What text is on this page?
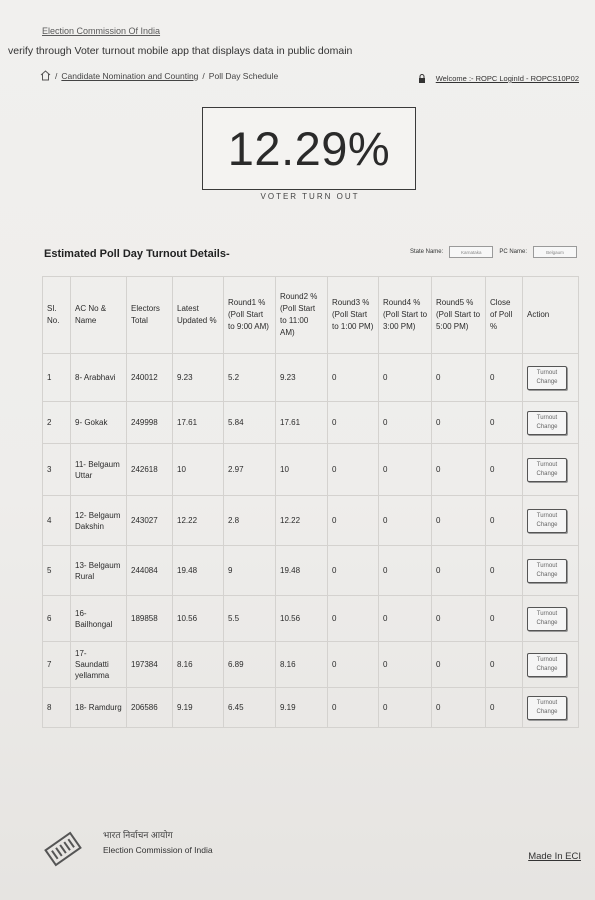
Election Commission Of India
verify through Voter turnout mobile app that displays data in public domain
/ Candidate Nomination and Counting / Poll Day Schedule	Welcome :- ROPC LoginId - ROPCS10P02
12.29%
VOTER TURN OUT
Estimated Poll Day Turnout Details-	State Name:	Karnataka	PC Name:	Belgaum
SI. No.	AC No & Name	Electors Total	Latest Updated %	Round1 % (Poll Start to 9:00 AM)	Round2 % (Poll Start to 11:00 AM)	Round3 % (Poll Start to 1:00 PM)	Round4 % (Poll Start to 3:00 PM)	Round5 % (Poll Start to 5:00 PM)	Close of Poll %	Action
1	8- Arabhavi	240012	9.23	5.2	9.23	0	0	0	0	Turnout Change
2	9- Gokak	249998	17.61	5.84	17.61	0	0	0	0	Turnout Change
3	11- Belgaum Uttar	242618	10	2.97	10	0	0	0	0	Turnout Change
4	12- Belgaum Dakshin	243027	12.22	2.8	12.22	0	0	0	0	Turnout Change
5	13- Belgaum Rural	244084	19.48	9	19.48	0	0	0	0	Turnout Change
6	16- Bailhongal	189858	10.56	5.5	10.56	0	0	0	0	Turnout Change
7	17- Saundatti yellamma	197384	8.16	6.89	8.16	0	0	0	0	Turnout Change
8	18- Ramdurg	206586	9.19	6.45	9.19	0	0	0	0	Turnout Change
भारत निर्वाचन आयोग
Election Commission of India
Made In ECI
